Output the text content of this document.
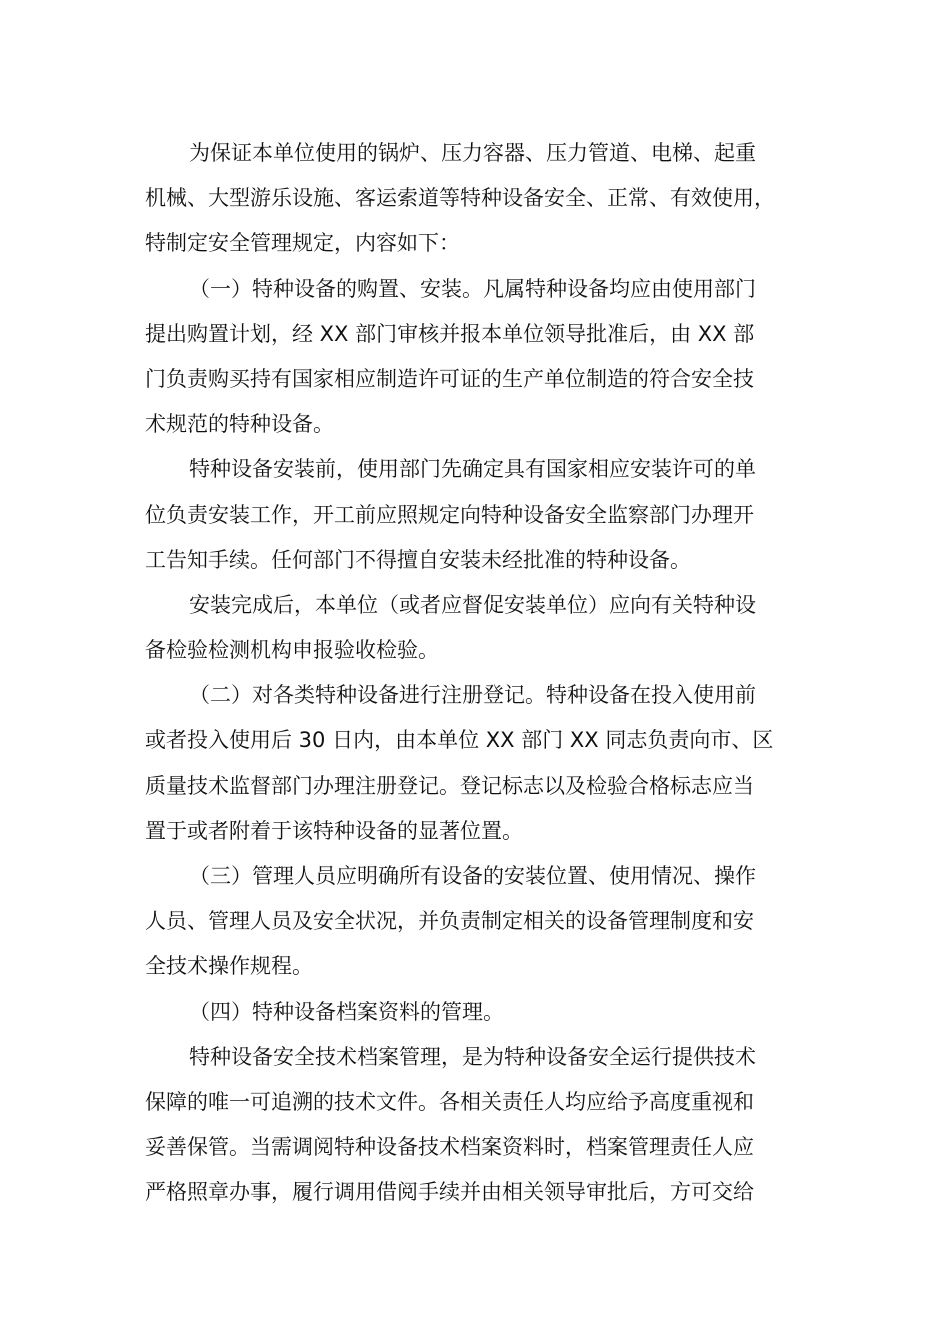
为保证本单位使用的锅炉、压力容器、压力管道、电梯、起重
机械、大型游乐设施、客运索道等特种设备安全、正常、有效使用，
特制定安全管理规定，内容如下：
（一）特种设备的购置、安装。凡属特种设备均应由使用部门
提出购置计划，经 XX 部门审核并报本单位领导批准后，由 XX 部
门负责购买持有国家相应制造许可证的生产单位制造的符合安全技
术规范的特种设备。
特种设备安装前，使用部门先确定具有国家相应安装许可的单
位负责安装工作，开工前应照规定向特种设备安全监察部门办理开
工告知手续。任何部门不得擅自安装未经批准的特种设备。
安装完成后，本单位（或者应督促安装单位）应向有关特种设
备检验检测机构申报验收检验。
（二）对各类特种设备进行注册登记。特种设备在投入使用前
或者投入使用后 30 日内，由本单位 XX 部门 XX 同志负责向市、区
质量技术监督部门办理注册登记。登记标志以及检验合格标志应当
置于或者附着于该特种设备的显著位置。
（三）管理人员应明确所有设备的安装位置、使用情况、操作
人员、管理人员及安全状况，并负责制定相关的设备管理制度和安
全技术操作规程。
（四）特种设备档案资料的管理。
特种设备安全技术档案管理，是为特种设备安全运行提供技术
保障的唯一可追溯的技术文件。各相关责任人均应给予高度重视和
妥善保管。当需调阅特种设备技术档案资料时，档案管理责任人应
严格照章办事，履行调用借阅手续并由相关领导审批后，方可交给
